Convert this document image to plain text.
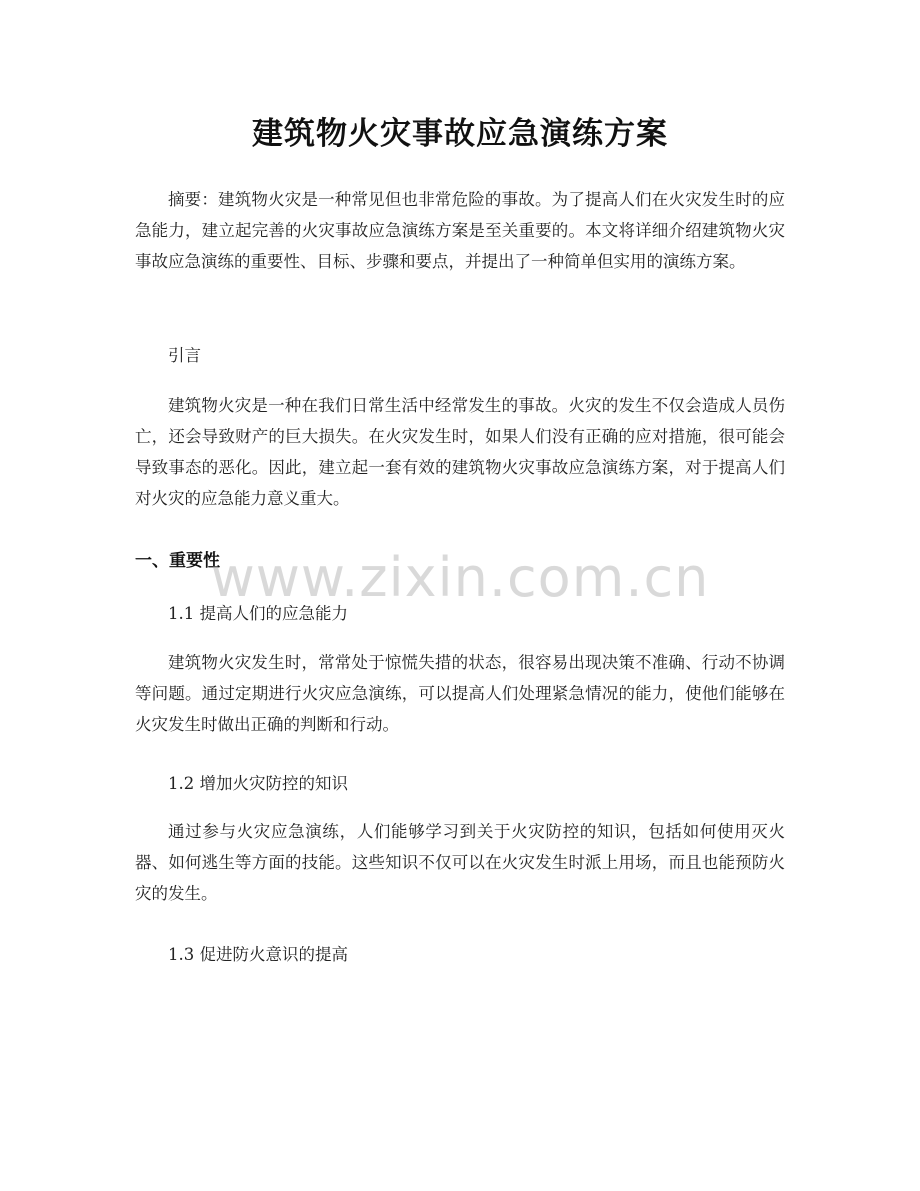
建筑物火灾事故应急演练方案

摘要：建筑物火灾是一种常见但也非常危险的事故。为了提高人们在火灾发生时的应急能力，建立起完善的火灾事故应急演练方案是至关重要的。本文将详细介绍建筑物火灾事故应急演练的重要性、目标、步骤和要点，并提出了一种简单但实用的演练方案。

引言

建筑物火灾是一种在我们日常生活中经常发生的事故。火灾的发生不仅会造成人员伤亡，还会导致财产的巨大损失。在火灾发生时，如果人们没有正确的应对措施，很可能会导致事态的恶化。因此，建立起一套有效的建筑物火灾事故应急演练方案，对于提高人们对火灾的应急能力意义重大。

一、重要性

1.1 提高人们的应急能力

建筑物火灾发生时，常常处于惊慌失措的状态，很容易出现决策不准确、行动不协调等问题。通过定期进行火灾应急演练，可以提高人们处理紧急情况的能力，使他们能够在火灾发生时做出正确的判断和行动。

1.2 增加火灾防控的知识

通过参与火灾应急演练，人们能够学习到关于火灾防控的知识，包括如何使用灭火器、如何逃生等方面的技能。这些知识不仅可以在火灾发生时派上用场，而且也能预防火灾的发生。

1.3 促进防火意识的提高

www.zixin.com.cn
